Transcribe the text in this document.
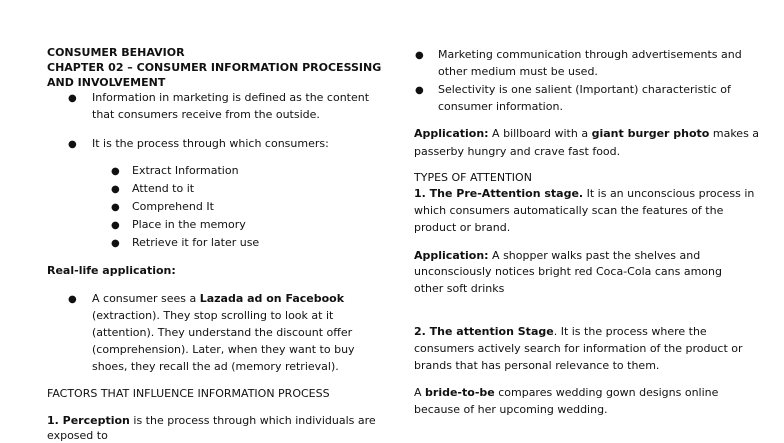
CONSUMER BEHAVIOR
CHAPTER 02 – CONSUMER INFORMATION PROCESSING
AND INVOLVEMENT
● Information in marketing is defined as the content
that consumers receive from the outside.
● It is the process through which consumers:
● Extract Information
● Attend to it
● Comprehend It
● Place in the memory
● Retrieve it for later use
Real-life application:
● A consumer sees a Lazada ad on Facebook
(extraction). They stop scrolling to look at it
(attention). They understand the discount offer
(comprehension). Later, when they want to buy
shoes, they recall the ad (memory retrieval).
FACTORS THAT INFLUENCE INFORMATION PROCESS
1. Perception is the process through which individuals are
exposed to
● Marketing communication through advertisements and
other medium must be used.
● Selectivity is one salient (Important) characteristic of
consumer information.
Application: A billboard with a giant burger photo makes a
passerby hungry and crave fast food.
TYPES OF ATTENTION
1. The Pre-Attention stage. It is an unconscious process in
which consumers automatically scan the features of the
product or brand.
Application: A shopper walks past the shelves and
unconsciously notices bright red Coca-Cola cans among
other soft drinks
2. The attention Stage. It is the process where the
consumers actively search for information of the product or
brands that has personal relevance to them.
A bride-to-be compares wedding gown designs online
because of her upcoming wedding.
